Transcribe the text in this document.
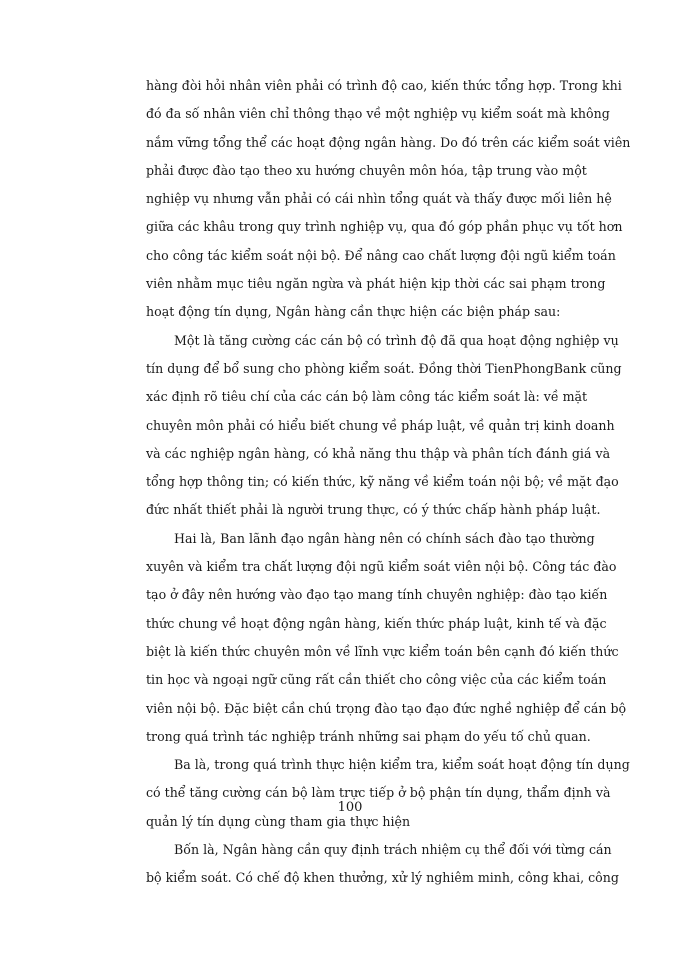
hàng đòi hỏi nhân viên phải có trình độ cao, kiến thức tổng hợp. Trong khi
đó đa số nhân viên chỉ thông thạo về một nghiệp vụ kiểm soát mà không
nắm vững tổng thể các hoạt động ngân hàng. Do đó trên các kiểm soát viên
phải được đào tạo theo xu hướng chuyên môn hóa, tập trung vào một
nghiệp vụ nhưng vẫn phải có cái nhìn tổng quát và thấy được mối liên hệ
giữa các khâu trong quy trình nghiệp vụ, qua đó góp phần phục vụ tốt hơn
cho công tác kiểm soát nội bộ. Để nâng cao chất lượng đội ngũ kiểm toán
viên nhằm mục tiêu ngăn ngừa và phát hiện kịp thời các sai phạm trong
hoạt động tín dụng, Ngân hàng cần thực hiện các biện pháp sau:
Một là tăng cường các cán bộ có trình độ đã qua hoạt động nghiệp vụ
tín dụng để bổ sung cho phòng kiểm soát. Đồng thời TienPhongBank cũng
xác định rõ tiêu chí của các cán bộ làm công tác kiểm soát là: về mặt
chuyên môn phải có hiểu biết chung về pháp luật, về quản trị kinh doanh
và các nghiệp ngân hàng, có khả năng thu thập và phân tích đánh giá và
tổng hợp thông tin; có kiến thức, kỹ năng về kiểm toán nội bộ; về mặt đạo
đức nhất thiết phải là người trung thực, có ý thức chấp hành pháp luật.
Hai là, Ban lãnh đạo ngân hàng nên có chính sách đào tạo thường
xuyên và kiểm tra chất lượng đội ngũ kiểm soát viên nội bộ. Công tác đào
tạo ở đây nên hướng vào đạo tạo mang tính chuyên nghiệp: đào tạo kiến
thức chung về hoạt động ngân hàng, kiến thức pháp luật, kinh tế và đặc
biệt là kiến thức chuyên môn về lĩnh vực kiểm toán bên cạnh đó kiến thức
tin học và ngoại ngữ cũng rất cần thiết cho công việc của các kiểm toán
viên nội bộ. Đặc biệt cần chú trọng đào tạo đạo đức nghề nghiệp để cán bộ
trong quá trình tác nghiệp tránh những sai phạm do yếu tố chủ quan.
Ba là, trong quá trình thực hiện kiểm tra, kiểm soát hoạt động tín dụng
có thể tăng cường cán bộ làm trực tiếp ở bộ phận tín dụng, thẩm định và
quản lý tín dụng cùng tham gia thực hiện
Bốn là, Ngân hàng cần quy định trách nhiệm cụ thể đối với từng cán
bộ kiểm soát. Có chế độ khen thưởng, xử lý nghiêm minh, công khai, công
100
